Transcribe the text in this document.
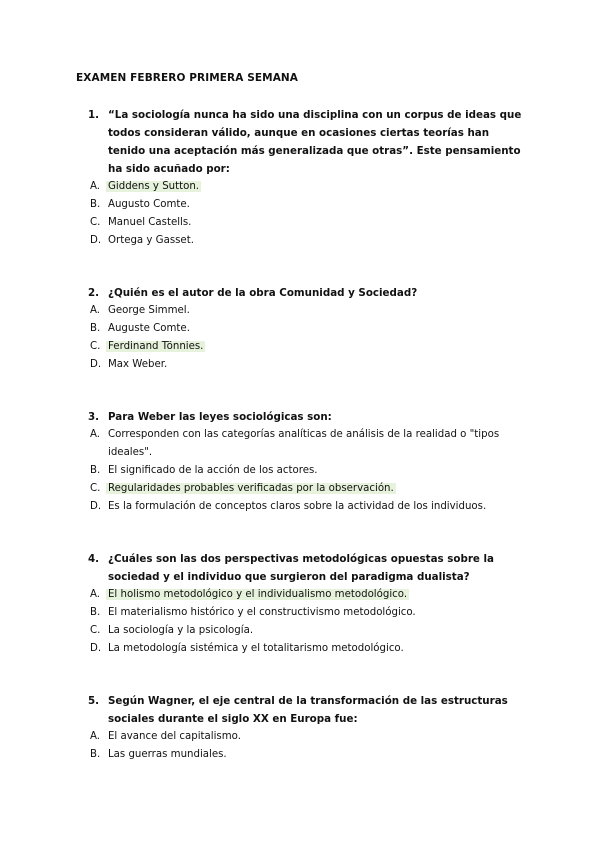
EXAMEN FEBRERO PRIMERA SEMANA
1. “La sociología nunca ha sido una disciplina con un corpus de ideas que todos consideran válido, aunque en ocasiones ciertas teorías han tenido una aceptación más generalizada que otras”. Este pensamiento ha sido acuñado por:
A. Giddens y Sutton.
B. Augusto Comte.
C. Manuel Castells.
D. Ortega y Gasset.
2. ¿Quién es el autor de la obra Comunidad y Sociedad?
A. George Simmel.
B. Auguste Comte.
C. Ferdinand Tönnies.
D. Max Weber.
3. Para Weber las leyes sociológicas son:
A. Corresponden con las categorías analíticas de análisis de la realidad o "tipos ideales".
B. El significado de la acción de los actores.
C. Regularidades probables verificadas por la observación.
D. Es la formulación de conceptos claros sobre la actividad de los individuos.
4. ¿Cuáles son las dos perspectivas metodológicas opuestas sobre la sociedad y el individuo que surgieron del paradigma dualista?
A. El holismo metodológico y el individualismo metodológico.
B. El materialismo histórico y el constructivismo metodológico.
C. La sociología y la psicología.
D. La metodología sistémica y el totalitarismo metodológico.
5. Según Wagner, el eje central de la transformación de las estructuras sociales durante el siglo XX en Europa fue:
A. El avance del capitalismo.
B. Las guerras mundiales.
